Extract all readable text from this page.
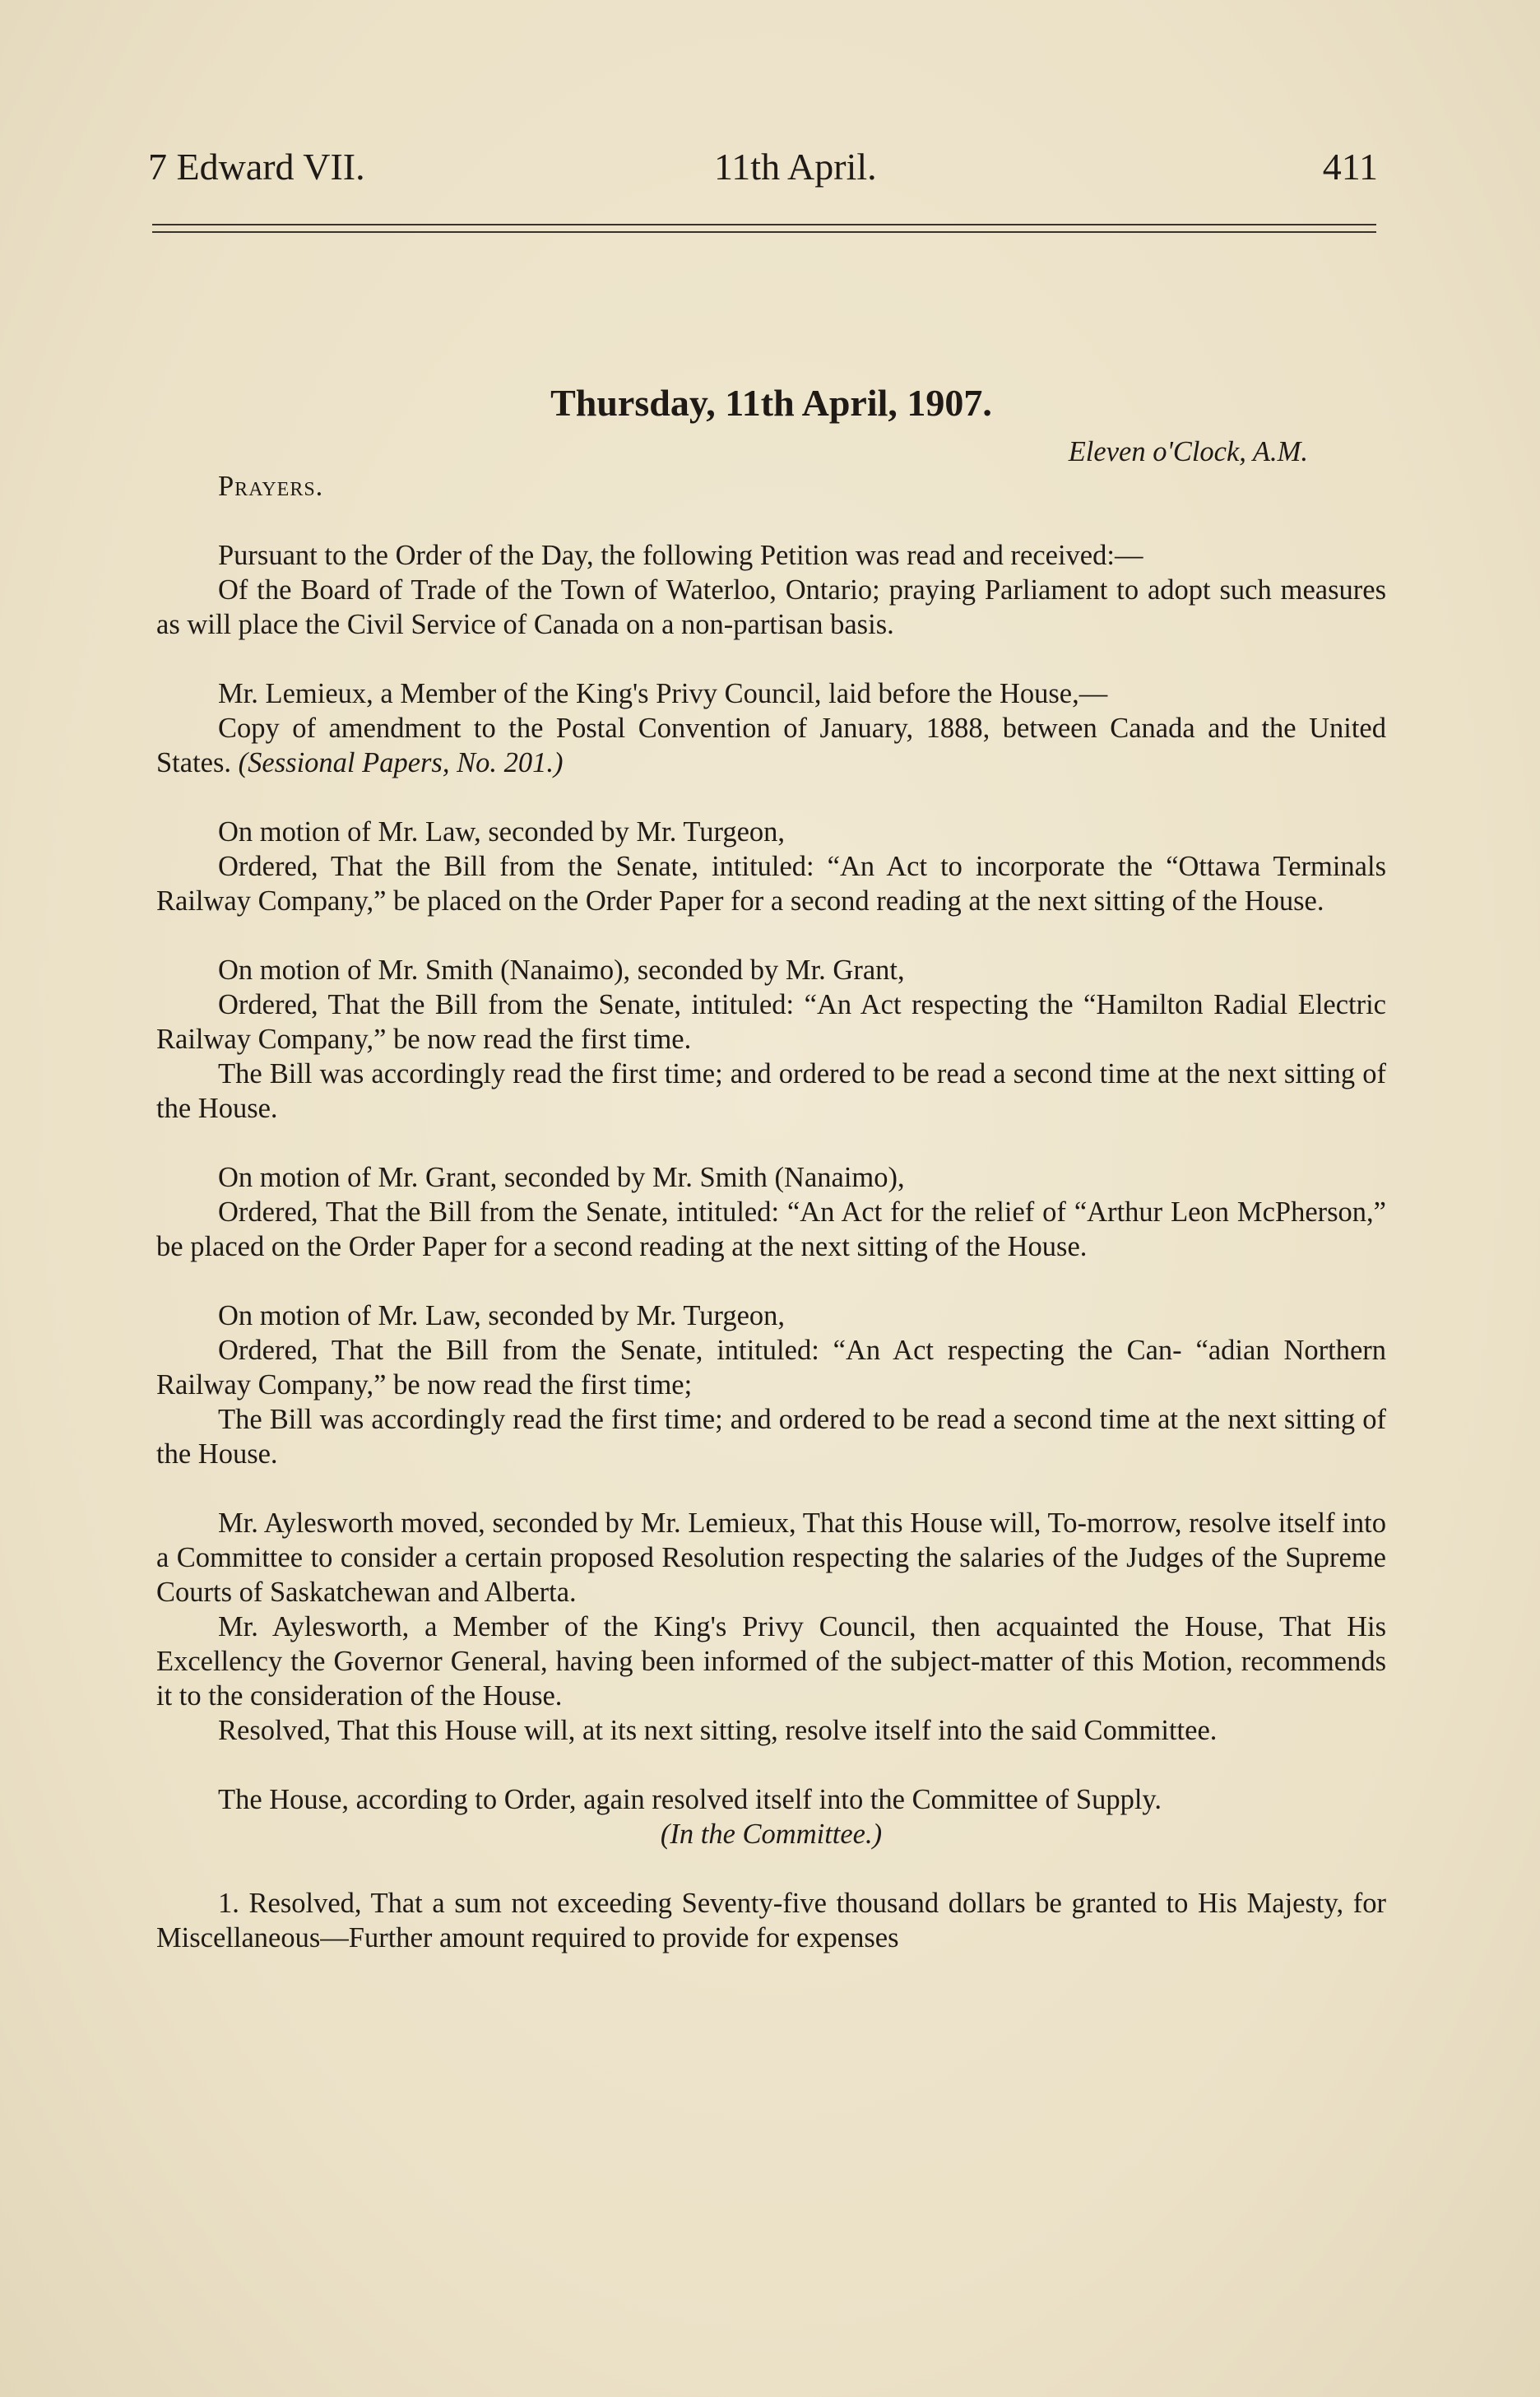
7 Edward VII.	11th April.	411
Thursday, 11th April, 1907.
Eleven o'Clock, A.M.
Prayers.

Pursuant to the Order of the Day, the following Petition was read and received:—

Of the Board of Trade of the Town of Waterloo, Ontario; praying Parliament to adopt such measures as will place the Civil Service of Canada on a non-partisan basis.

Mr. Lemieux, a Member of the King's Privy Council, laid before the House,—

Copy of amendment to the Postal Convention of January, 1888, between Canada and the United States. (Sessional Papers, No. 201.)

On motion of Mr. Law, seconded by Mr. Turgeon,

Ordered, That the Bill from the Senate, intituled: “An Act to incorporate the “Ottawa Terminals Railway Company,” be placed on the Order Paper for a second reading at the next sitting of the House.

On motion of Mr. Smith (Nanaimo), seconded by Mr. Grant,

Ordered, That the Bill from the Senate, intituled: “An Act respecting the “Hamilton Radial Electric Railway Company,” be now read the first time.

The Bill was accordingly read the first time; and ordered to be read a second time at the next sitting of the House.

On motion of Mr. Grant, seconded by Mr. Smith (Nanaimo),

Ordered, That the Bill from the Senate, intituled: “An Act for the relief of “Arthur Leon McPherson,” be placed on the Order Paper for a second reading at the next sitting of the House.

On motion of Mr. Law, seconded by Mr. Turgeon,

Ordered, That the Bill from the Senate, intituled: “An Act respecting the Can- “adian Northern Railway Company,” be now read the first time;

The Bill was accordingly read the first time; and ordered to be read a second time at the next sitting of the House.

Mr. Aylesworth moved, seconded by Mr. Lemieux, That this House will, To-morrow, resolve itself into a Committee to consider a certain proposed Resolution respecting the salaries of the Judges of the Supreme Courts of Saskatchewan and Alberta.

Mr. Aylesworth, a Member of the King's Privy Council, then acquainted the House, That His Excellency the Governor General, having been informed of the subject-matter of this Motion, recommends it to the consideration of the House.

Resolved, That this House will, at its next sitting, resolve itself into the said Committee.

The House, according to Order, again resolved itself into the Committee of Supply.

(In the Committee.)

1. Resolved, That a sum not exceeding Seventy-five thousand dollars be granted to His Majesty, for Miscellaneous—Further amount required to provide for expenses
